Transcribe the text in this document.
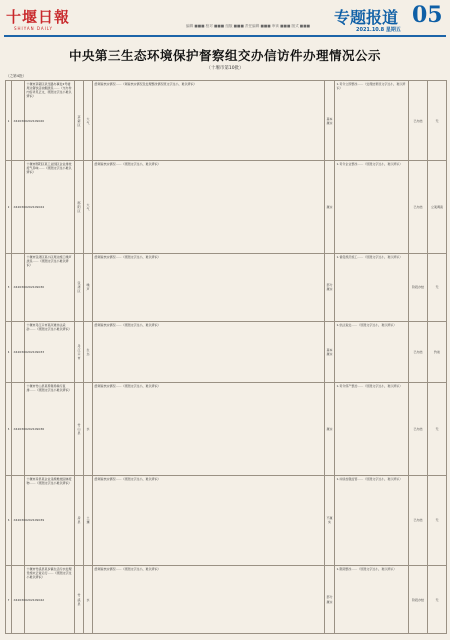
十堰日報
SHIYAN DAILY	编辑 ■■■ 校对 ■■■ 组版 ■■■ 责任编辑 ■■■ 审读 ■■■ 版式 ■■■ 专题报道 05
2021.10.8 星期五
中央第三生态环境保护督察组交办信访件办理情况公示
（十堰市第10批）
（之第4批）
1	X420300202109020	十堰市茅箭区武当路办事处2号楼周边餐饮店油烟扰民……（交办件内容详见正文，原图文字过小难以辨识）	茅箭区	大气	经调查核实情况……（调查核实情况及处理整改情况原文字过小，难以辨识）	基本属实	1.责令立即整改……（处理结果原文字过小，难以辨识）	已办结	无

2	X420300202109024	十堰市郧阳区某工业园区企业排放废气异味……（原图文字过小难以辨识）	郧阳区	大气	经调查核实情况……（原图文字过小，难以辨识）	属实	1.责令企业整改……（原图文字过小，难以辨识）	已办结	立案调查

3	X420300202109030	十堰市张湾区某小区周边施工噪声扰民……（原图文字过小难以辨识）	张湾区	噪声	经调查核实情况……（原图文字过小，难以辨识）	部分属实	1.督促规范施工……（原图文字过小，难以辨识）	阶段办结	无

4	X420300202109033	十堰市丹江口市某河道非法采砂……（原图文字过小难以辨识）	丹江口市	生态	经调查核实情况……（原图文字过小，难以辨识）	基本属实	1.依法查处……（原图文字过小，难以辨识）	已办结	约谈

5	X420300202109036	十堰市竹山县某养殖场粪污直排……（原图文字过小难以辨识）	竹山县	水	经调查核实情况……（原图文字过小，难以辨识）	属实	1.责令停产整治……（原图文字过小，难以辨识）	已办结	无

6	X420300202109039	十堰市房县某企业违规堆放固体废物……（原图文字过小难以辨识）	房县	土壤	经调查核实情况……（原图文字过小，难以辨识）	不属实	1.持续加强监管……（原图文字过小，难以辨识）	已办结	无

7	X420300202109042	十堰市竹溪县某乡镇生活污水处理设施未正常运行……（原图文字过小难以辨识）	竹溪县	水	经调查核实情况……（原图文字过小，难以辨识）	部分属实	1.限期整改……（原图文字过小，难以辨识）	阶段办结	无
